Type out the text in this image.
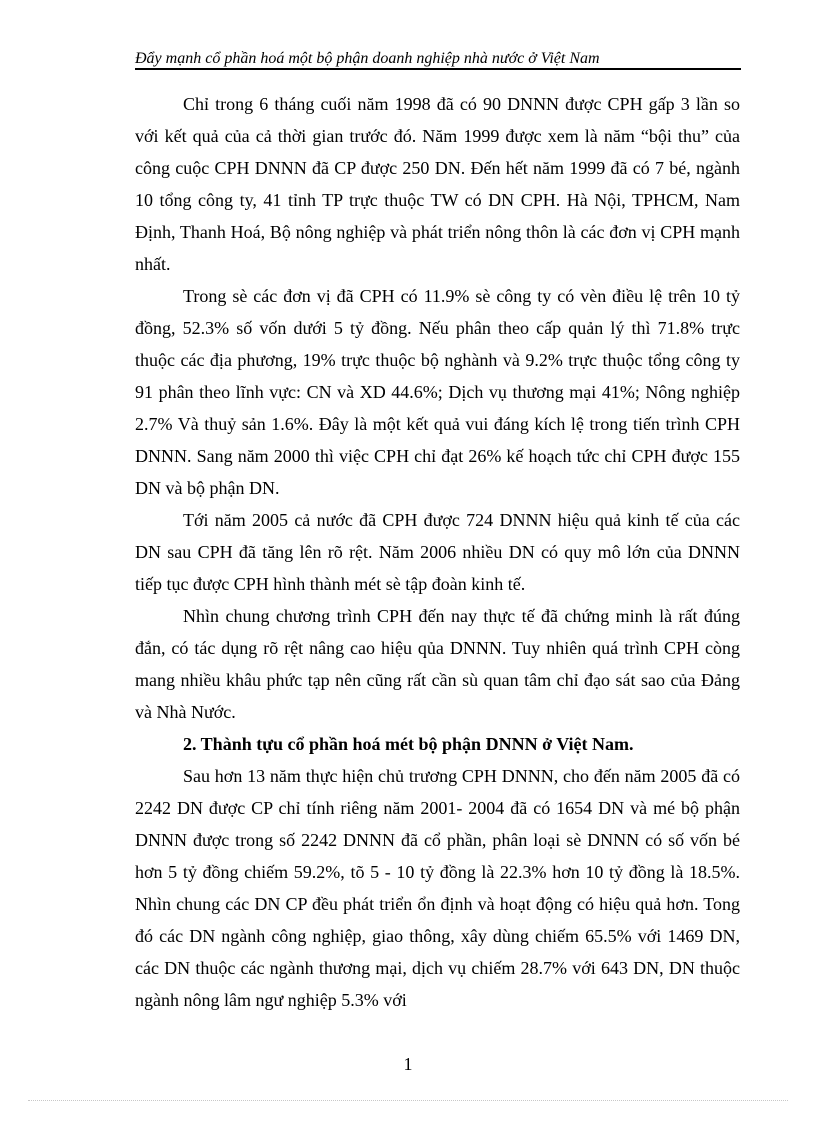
Đẩy mạnh cổ phần hoá một bộ phận doanh nghiệp nhà nước ở Việt Nam

Chỉ trong 6 tháng cuối năm 1998 đã có 90 DNNN được CPH gấp 3 lần so với kết quả của cả thời gian trước đó. Năm 1999 được xem là năm “bội thu” của công cuộc CPH DNNN đã CP được 250 DN. Đến hết năm 1999 đã có 7 bé, ngành 10 tổng công ty, 41 tỉnh TP trực thuộc TW có DN CPH. Hà Nội, TPHCM, Nam Định, Thanh Hoá, Bộ nông nghiệp và phát triển nông thôn là các đơn vị CPH mạnh nhất.

Trong sè các đơn vị đã CPH có 11.9% sè công ty có vèn điều lệ trên 10 tỷ đồng, 52.3% số vốn dưới 5 tỷ đồng. Nếu phân theo cấp quản lý thì 71.8% trực thuộc các địa phương, 19% trực thuộc bộ nghành và 9.2% trực thuộc tổng công ty 91 phân theo lĩnh vực: CN và XD 44.6%; Dịch vụ thương mại 41%; Nông nghiệp 2.7% Và thuỷ sản 1.6%. Đây là một kết quả vui đáng kích lệ trong tiến trình CPH DNNN. Sang năm 2000 thì việc CPH chỉ đạt 26% kế hoạch tức chỉ CPH được 155 DN và bộ phận DN.

Tới năm 2005 cả nước đã CPH được 724 DNNN hiệu quả kinh tế của các DN sau CPH đã tăng lên rõ rệt. Năm 2006 nhiều DN có quy mô lớn của DNNN tiếp tục được CPH hình thành mét sè tập đoàn kinh tế.

Nhìn chung chương trình CPH đến nay thực tế đã chứng minh là rất đúng đắn, có tác dụng rõ rệt nâng cao hiệu qủa DNNN. Tuy nhiên quá trình CPH còng mang nhiều khâu phức tạp nên cũng rất cần sù quan tâm chỉ đạo sát sao của Đảng và Nhà Nước.

2. Thành tựu cổ phần hoá mét bộ phận DNNN ở Việt Nam.

Sau hơn 13 năm thực hiện chủ trương CPH DNNN, cho đến năm 2005 đã có 2242 DN được CP chỉ tính riêng năm 2001- 2004 đã có 1654 DN và mé bộ phận DNNN được trong số 2242 DNNN đã cổ phần, phân loại sè DNNN có số vốn bé hơn 5 tỷ đồng chiếm 59.2%, tõ 5 - 10 tỷ đồng là 22.3% hơn 10 tỷ đồng là 18.5%. Nhìn chung các DN CP đều phát triển ổn định và hoạt động có hiệu quả hơn. Tong đó các DN ngành công nghiệp, giao thông, xây dùng chiếm 65.5% với 1469 DN, các DN thuộc các ngành thương mại, dịch vụ chiếm 28.7% với 643 DN, DN thuộc ngành nông lâm ngư nghiệp 5.3% với

1
